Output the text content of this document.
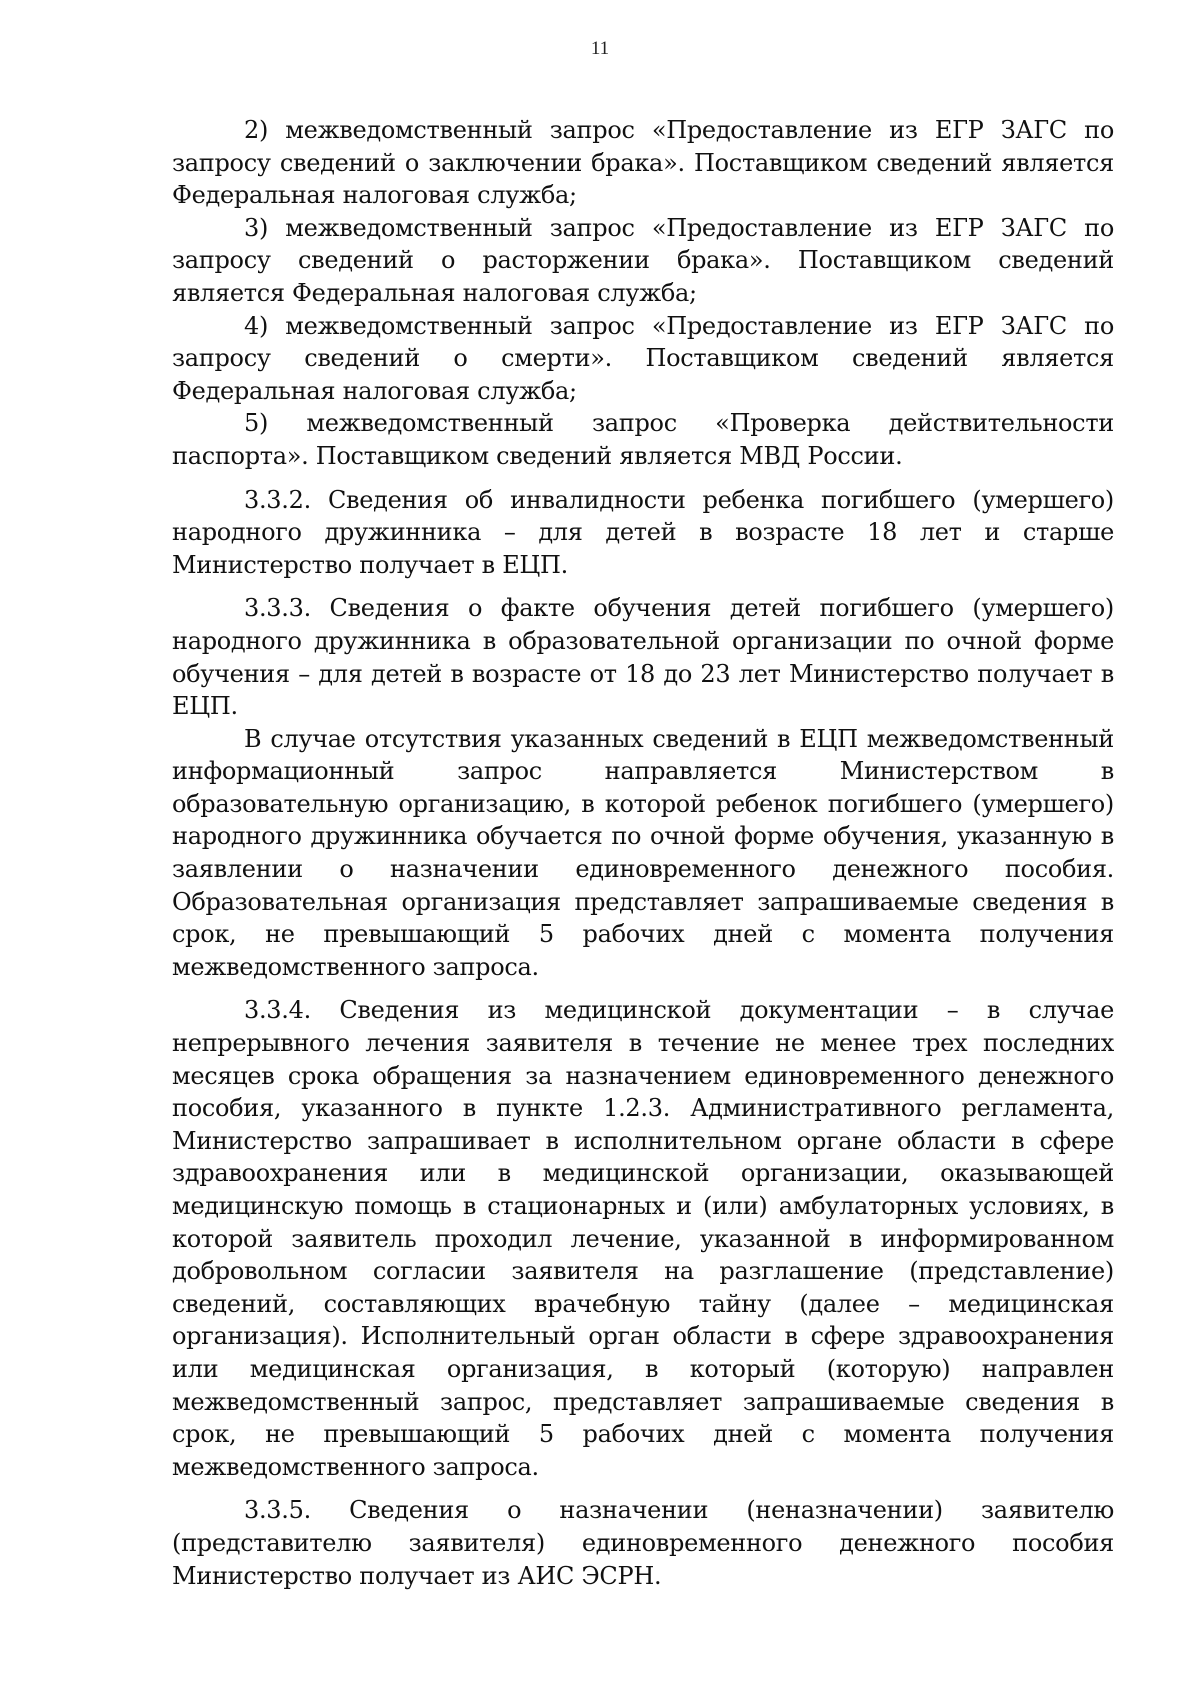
11

2) межведомственный запрос «Предоставление из ЕГР ЗАГС по запросу сведений о заключении брака». Поставщиком сведений является Федеральная налоговая служба;

3) межведомственный запрос «Предоставление из ЕГР ЗАГС по запросу сведений о расторжении брака». Поставщиком сведений является Федеральная налоговая служба;

4) межведомственный запрос «Предоставление из ЕГР ЗАГС по запросу сведений о смерти». Поставщиком сведений является Федеральная налоговая служба;

5) межведомственный запрос «Проверка действительности паспорта». Поставщиком сведений является МВД России.

3.3.2. Сведения об инвалидности ребенка погибшего (умершего) народного дружинника – для детей в возрасте 18 лет и старше Министерство получает в ЕЦП.

3.3.3. Сведения о факте обучения детей погибшего (умершего) народного дружинника в образовательной организации по очной форме обучения – для детей в возрасте от 18 до 23 лет Министерство получает в ЕЦП.

В случае отсутствия указанных сведений в ЕЦП межведомственный информационный запрос направляется Министерством в образовательную организацию, в которой ребенок погибшего (умершего) народного дружинника обучается по очной форме обучения, указанную в заявлении о назначении единовременного денежного пособия. Образовательная организация представляет запрашиваемые сведения в срок, не превышающий 5 рабочих дней с момента получения межведомственного запроса.

3.3.4. Сведения из медицинской документации – в случае непрерывного лечения заявителя в течение не менее трех последних месяцев срока обращения за назначением единовременного денежного пособия, указанного в пункте 1.2.3. Административного регламента, Министерство запрашивает в исполнительном органе области в сфере здравоохранения или в медицинской организации, оказывающей медицинскую помощь в стационарных и (или) амбулаторных условиях, в которой заявитель проходил лечение, указанной в информированном добровольном согласии заявителя на разглашение (представление) сведений, составляющих врачебную тайну (далее – медицинская организация). Исполнительный орган области в сфере здравоохранения или медицинская организация, в который (которую) направлен межведомственный запрос, представляет запрашиваемые сведения в срок, не превышающий 5 рабочих дней с момента получения межведомственного запроса.

3.3.5. Сведения о назначении (неназначении) заявителю (представителю заявителя) единовременного денежного пособия Министерство получает из АИС ЭСРН.
